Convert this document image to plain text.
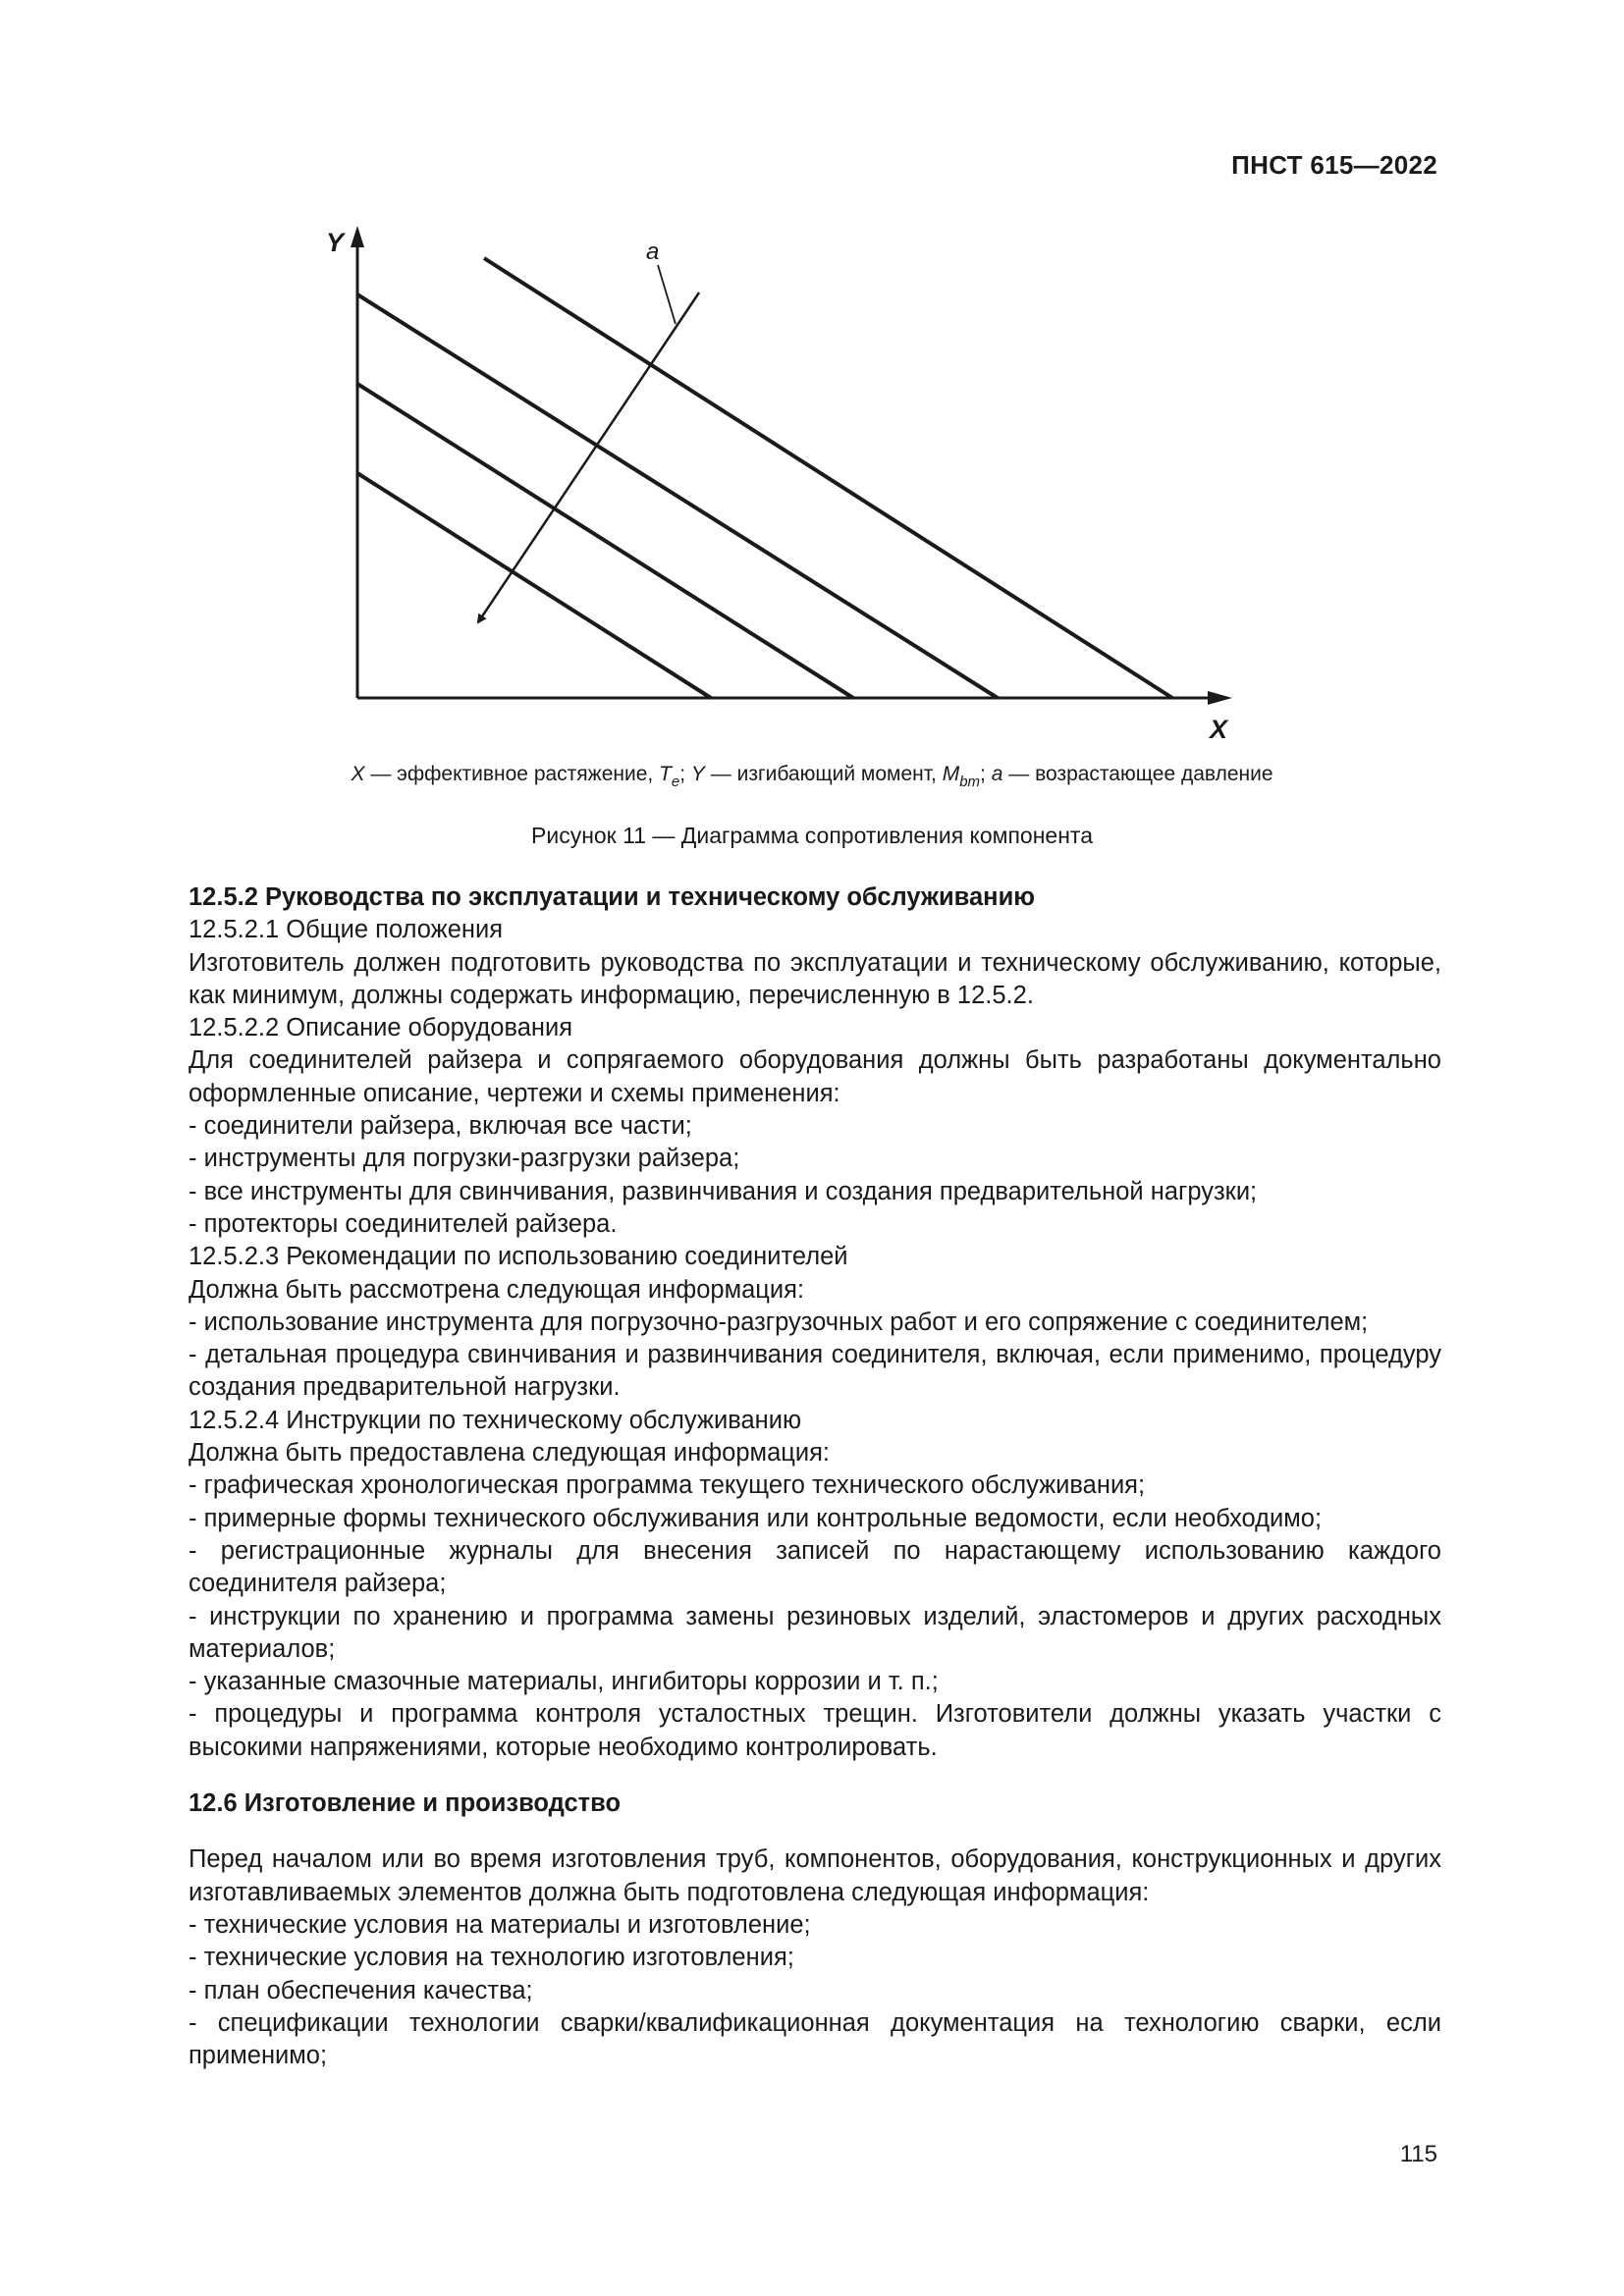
ПНСТ 615—2022
Y
X
a
X — эффективное растяжение, $T_e$; Y — изгибающий момент, $M_{bm}$; a — возрастающее давление
Рисунок 11 — Диаграмма сопротивления компонента

12.5.2 Руководства по эксплуатации и техническому обслуживанию

12.5.2.1 Общие положения

Изготовитель должен подготовить руководства по эксплуатации и техническому обслуживанию, которые, как минимум, должны содержать информацию, перечисленную в 12.5.2.

12.5.2.2 Описание оборудования

Для соединителей райзера и сопрягаемого оборудования должны быть разработаны документально оформленные описание, чертежи и схемы применения:

- соединители райзера, включая все части;

- инструменты для погрузки-разгрузки райзера;

- все инструменты для свинчивания, развинчивания и создания предварительной нагрузки;

- протекторы соединителей райзера.

12.5.2.3 Рекомендации по использованию соединителей

Должна быть рассмотрена следующая информация:

- использование инструмента для погрузочно-разгрузочных работ и его сопряжение с соединителем;

- детальная процедура свинчивания и развинчивания соединителя, включая, если применимо, процедуру создания предварительной нагрузки.

12.5.2.4 Инструкции по техническому обслуживанию

Должна быть предоставлена следующая информация:

- графическая хронологическая программа текущего технического обслуживания;

- примерные формы технического обслуживания или контрольные ведомости, если необходимо;

- регистрационные журналы для внесения записей по нарастающему использованию каждого соединителя райзера;

- инструкции по хранению и программа замены резиновых изделий, эластомеров и других расходных материалов;

- указанные смазочные материалы, ингибиторы коррозии и т. п.;

- процедуры и программа контроля усталостных трещин. Изготовители должны указать участки с высокими напряжениями, которые необходимо контролировать.

12.6 Изготовление и производство

Перед началом или во время изготовления труб, компонентов, оборудования, конструкционных и других изготавливаемых элементов должна быть подготовлена следующая информация:

- технические условия на материалы и изготовление;

- технические условия на технологию изготовления;

- план обеспечения качества;

- спецификации технологии сварки/квалификационная документация на технологию сварки, если применимо;

115
